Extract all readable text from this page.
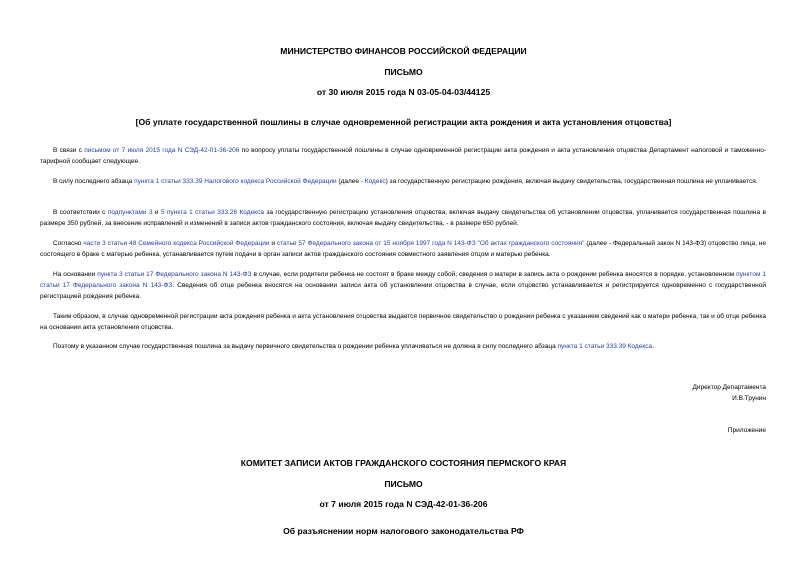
МИНИСТЕРСТВО ФИНАНСОВ РОССИЙСКОЙ ФЕДЕРАЦИИ
ПИСЬМО
от 30 июля 2015 года N 03-05-04-03/44125
[Об уплате государственной пошлины в случае одновременной регистрации акта рождения и акта установления отцовства]
В связи с письмом от 7 июля 2015 года N СЭД-42-01-36-206 по вопросу уплаты государственной пошлины в случае одновременной регистрации акта рождения и акта установления отцовства Департамент налоговой и таможенно-тарифной сообщает следующее.
В силу последнего абзаца пункта 1 статьи 333.39 Налогового кодекса Российской Федерации (далее - Кодекс) за государственную регистрацию рождения, включая выдачу свидетельства, государственная пошлина не уплачивается.
В соответствии с подпунктами 3 и 5 пункта 1 статьи 333.26 Кодекса за государственную регистрацию установления отцовства, включая выдачу свидетельства об установлении отцовства, уплачивается государственная пошлина в размере 350 рублей, за внесение исправлений и изменений в записи актов гражданского состояния, включая выдачу свидетельства, - в размере 650 рублей.
Согласно части 3 статьи 48 Семейного кодекса Российской Федерации и статье 57 Федерального закона от 15 ноября 1997 года N 143-ФЗ "Об актах гражданского состояния" (далее - Федеральный закон N 143-ФЗ) отцовство лица, не состоящего в браке с матерью ребенка, устанавливается путем подачи в орган записи актов гражданского состояния совместного заявления отцом и матерью ребенка.
На основании пункта 3 статьи 17 Федерального закона N 143-ФЗ в случае, если родители ребенка не состоят в браке между собой, сведения о матери в запись акта о рождении ребенка вносятся в порядке, установленном пунктом 1 статьи 17 Федерального закона N 143-ФЗ. Сведения об отце ребенка вносятся на основании записи акта об установлении отцовства в случае, если отцовство устанавливается и регистрируется одновременно с государственной регистрацией рождения ребенка.
Таким образом, в случае одновременной регистрации акта рождения ребенка и акта установления отцовства выдается первичное свидетельство о рождении ребенка с указанием сведений как о матери ребенка, так и об отце ребенка на основании акта установления отцовства.
Поэтому в указанном случае государственная пошлина за выдачу первичного свидетельства о рождении ребенка уплачиваться не должна в силу последнего абзаца пункта 1 статьи 333.39 Кодекса.
Директор Департамента
И.В.Трунин
Приложение
КОМИТЕТ ЗАПИСИ АКТОВ ГРАЖДАНСКОГО СОСТОЯНИЯ ПЕРМСКОГО КРАЯ
ПИСЬМО
от 7 июля 2015 года N СЭД-42-01-36-206
Об разъяснении норм налогового законодательства РФ
